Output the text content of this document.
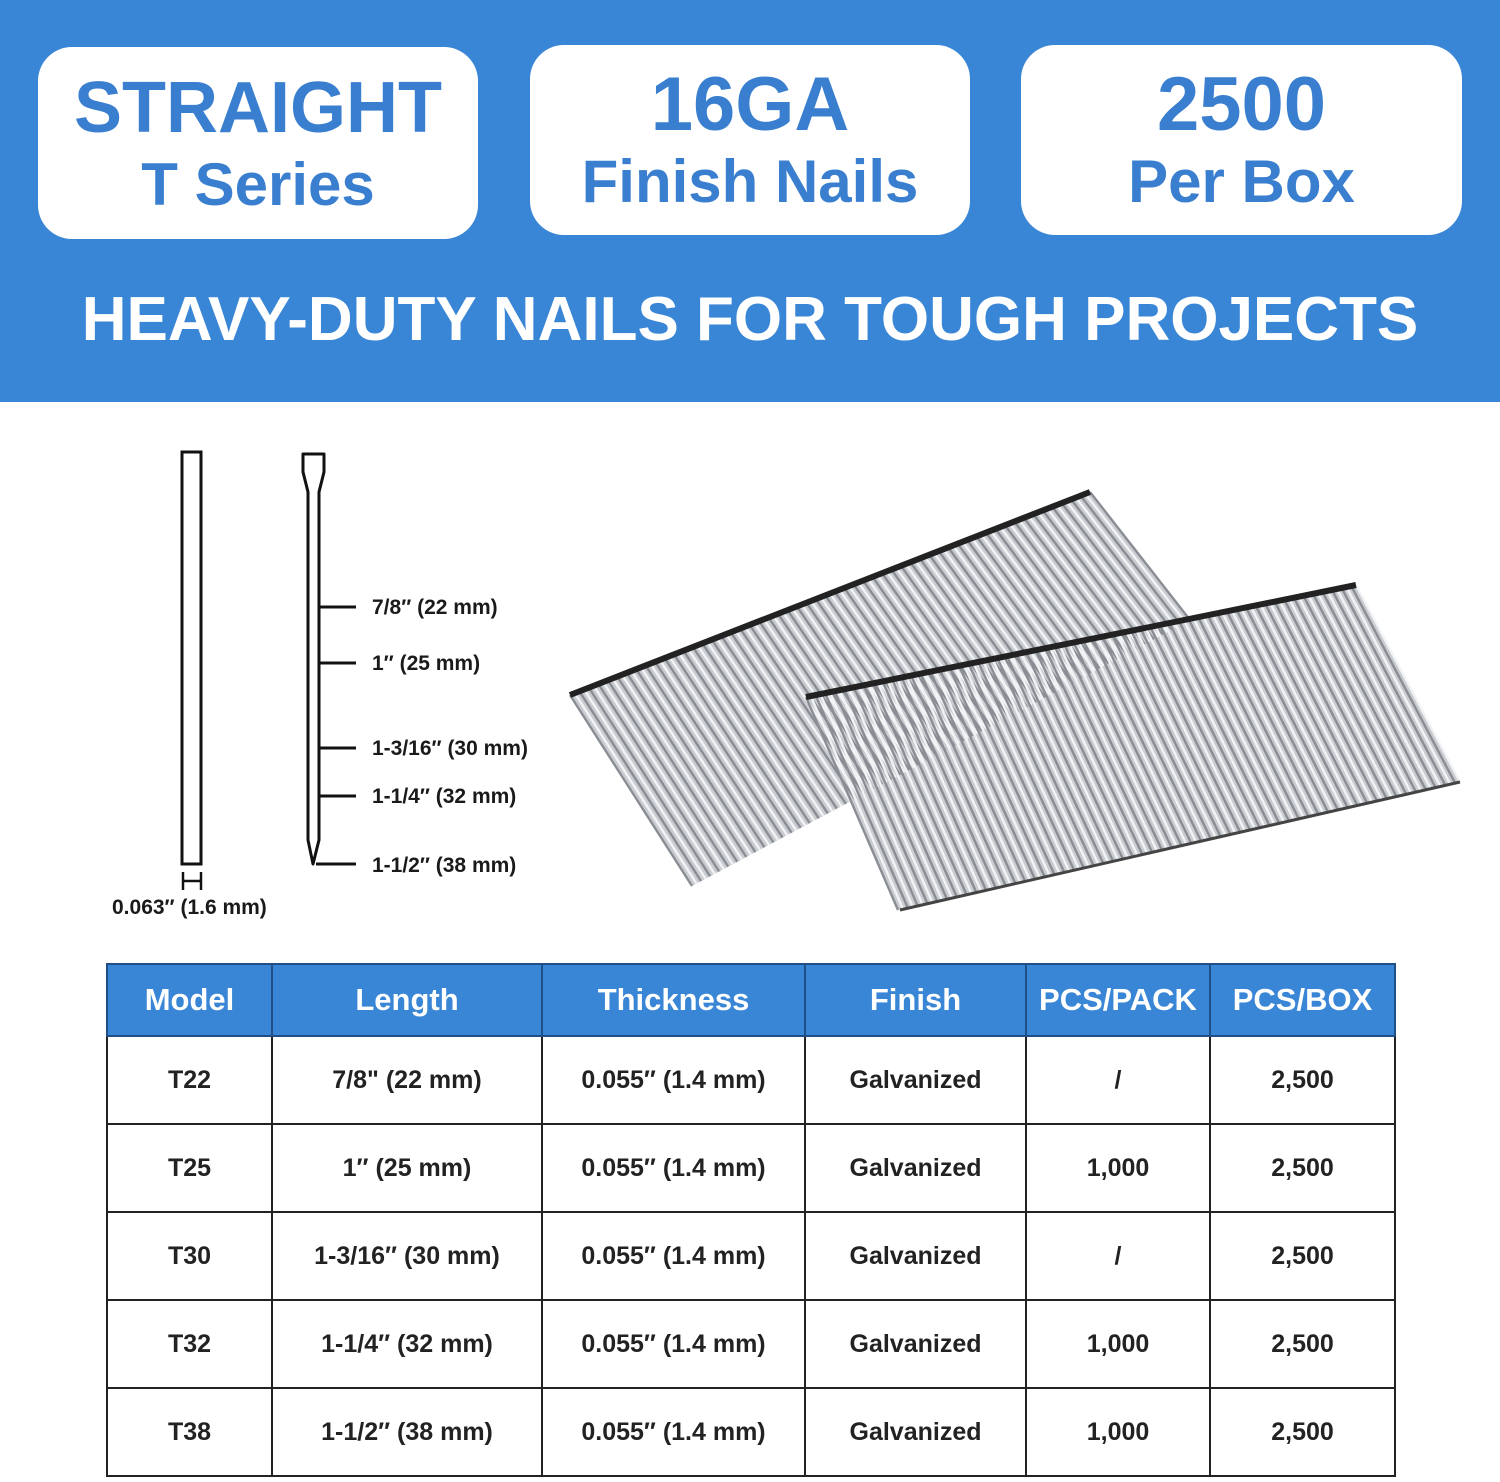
STRAIGHT
T Series
16GA
Finish Nails
2500
Per Box
HEAVY-DUTY NAILS FOR TOUGH PROJECTS
0.063″ (1.6 mm)
7/8″ (22 mm)
1″ (25 mm)
1-3/16″ (30 mm)
1-1/4″ (32 mm)
1-1/2″ (38 mm)
Model	Length	Thickness	Finish	PCS/PACK	PCS/BOX
T22	7/8" (22 mm)	0.055″ (1.4 mm)	Galvanized	/	2,500
T25	1″ (25 mm)	0.055″ (1.4 mm)	Galvanized	1,000	2,500
T30	1-3/16″ (30 mm)	0.055″ (1.4 mm)	Galvanized	/	2,500
T32	1-1/4″ (32 mm)	0.055″ (1.4 mm)	Galvanized	1,000	2,500
T38	1-1/2″ (38 mm)	0.055″ (1.4 mm)	Galvanized	1,000	2,500
